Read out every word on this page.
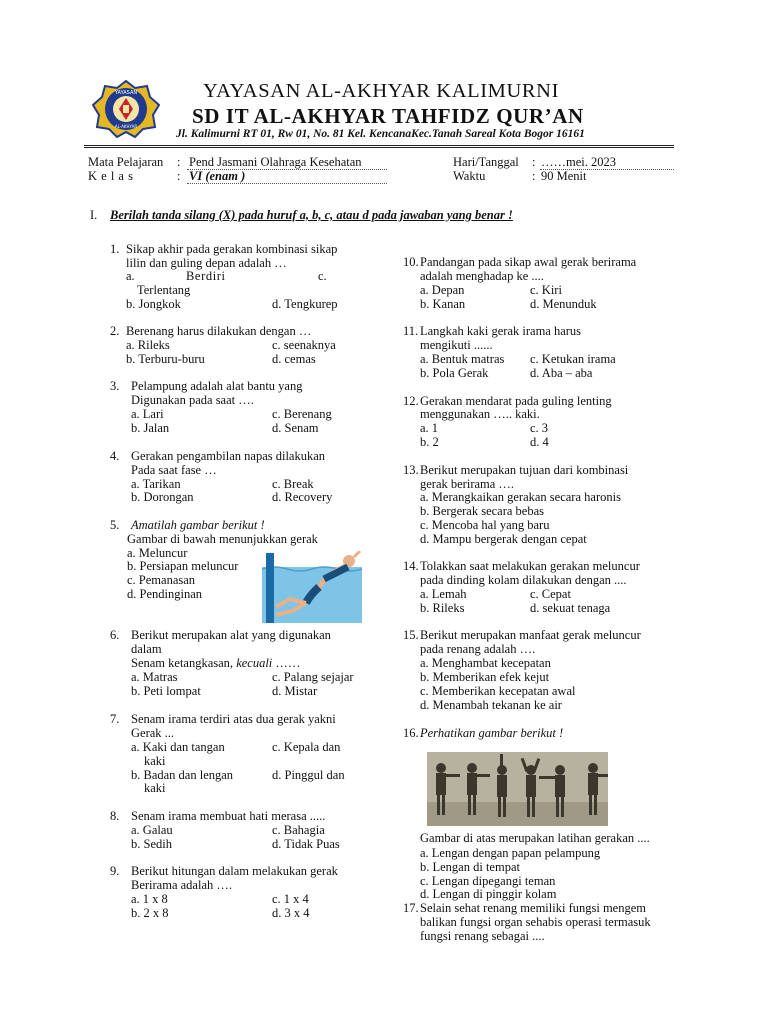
YAYASAN
AL-AKHYAR
YAYASAN AL-AKHYAR KALIMURNI
SD IT AL-AKHYAR TAHFIDZ QUR’AN
Jl. Kalimurni RT 01, Rw 01, No. 81 Kel. KencanaKec.Tanah Sareal Kota Bogor 16161
Mata Pelajaran : Pend Jasmani Olahraga Kesehatan
K e l a s	: VI (enam )
Hari/Tanggal : ……mei. 2023
Waktu	: 90 Menit
I. Berilah tanda silang (X) pada huruf a, b, c, atau d pada jawaban yang benar !
1. Sikap akhir pada gerakan kombinasi sikap
lilin dan guling depan adalah …
a.	Berdiri	c.
Terlentang
b. Jongkok	d. Tengkurep
2. Berenang harus dilakukan dengan …
a. Rileks	c. seenaknya
b. Terburu-buru	d. cemas
3. Pelampung adalah alat bantu yang
Digunakan pada saat ….
a. Lari	c. Berenang
b. Jalan	d. Senam
4. Gerakan pengambilan napas dilakukan
Pada saat fase …
a. Tarikan	c. Break
b. Dorongan	d. Recovery
5. Amatilah gambar berikut !
Gambar di bawah menunjukkan gerak
a. Meluncur
b. Persiapan meluncur
c. Pemanasan
d. Pendinginan
6. Berikut merupakan alat yang digunakan
dalam
Senam ketangkasan, kecuali ……
a. Matras	c. Palang sejajar
b. Peti lompat	d. Mistar
7. Senam irama terdiri atas dua gerak yakni
Gerak ...
a. Kaki dan tangan	c. Kepala dan
kaki
b. Badan dan lengan	d. Pinggul dan
kaki
8. Senam irama membuat hati merasa .....
a. Galau	c. Bahagia
b. Sedih	d. Tidak Puas
9. Berikut hitungan dalam melakukan gerak
Berirama adalah ….
a. 1 x 8	c. 1 x 4
b. 2 x 8	d. 3 x 4
10. Pandangan pada sikap awal gerak berirama
adalah menghadap ke ....
a. Depan	c. Kiri
b. Kanan	d. Menunduk
11. Langkah kaki gerak irama harus
mengikuti ......
a. Bentuk matras c. Ketukan irama
b. Pola Gerak	d. Aba – aba
12. Gerakan mendarat pada guling lenting
menggunakan ….. kaki.
a. 1	c. 3
b. 2	d. 4
13. Berikut merupakan tujuan dari kombinasi
gerak berirama ….
a. Merangkaikan gerakan secara haronis
b. Bergerak secara bebas
c. Mencoba hal yang baru
d. Mampu bergerak dengan cepat
14. Tolakkan saat melakukan gerakan meluncur
pada dinding kolam dilakukan dengan ....
a. Lemah	c. Cepat
b. Rileks	d. sekuat tenaga
15. Berikut merupakan manfaat gerak meluncur
pada renang adalah ….
a. Menghambat kecepatan
b. Memberikan efek kejut
c. Memberikan kecepatan awal
d. Menambah tekanan ke air
16. Perhatikan gambar berikut !
Gambar di atas merupakan latihan gerakan ....
a. Lengan dengan papan pelampung
b. Lengan di tempat
c. Lengan dipegangi teman
d. Lengan di pinggir kolam
17. Selain sehat renang memiliki fungsi mengem
balikan fungsi organ sehabis operasi termasuk
fungsi renang sebagai ....
